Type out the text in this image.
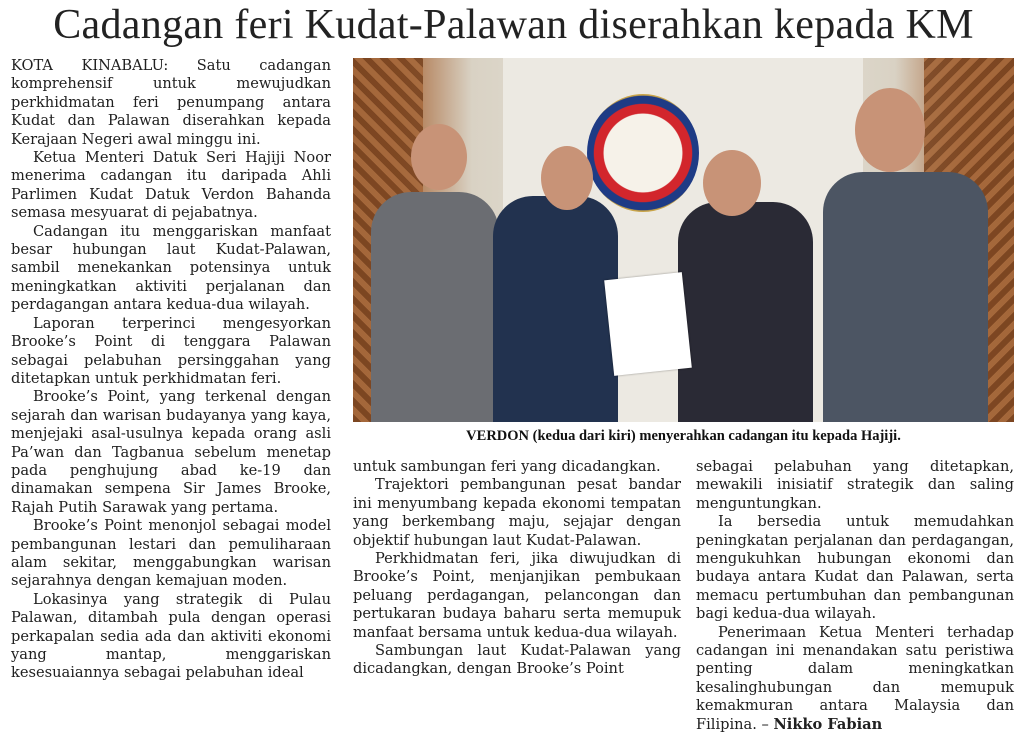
Cadangan feri Kudat-Palawan diserahkan kepada KM

KOTA KINABALU: Satu cadangan komprehensif untuk mewujudkan perkhidmatan feri penumpang antara Kudat dan Palawan diserahkan kepada Kerajaan Negeri awal minggu ini.

Ketua Menteri Datuk Seri Hajiji Noor menerima cadangan itu daripada Ahli Parlimen Kudat Datuk Verdon Bahanda semasa mesyuarat di pejabatnya.

Cadangan itu menggariskan manfaat besar hubungan laut Kudat-Palawan, sambil menekankan potensinya untuk meningkatkan aktiviti perjalanan dan perdagangan antara kedua-dua wilayah.

Laporan terperinci mengesyorkan Brooke’s Point di tenggara Palawan sebagai pelabuhan persinggahan yang ditetapkan untuk perkhidmatan feri.

Brooke’s Point, yang terkenal dengan sejarah dan warisan budayanya yang kaya, menjejaki asal-usulnya kepada orang asli Pa’wan dan Tagbanua sebelum menetap pada penghujung abad ke-19 dan dinamakan sempena Sir James Brooke, Rajah Putih Sarawak yang pertama.

Brooke’s Point menonjol sebagai model pembangunan lestari dan pemuliharaan alam sekitar, menggabungkan warisan sejarahnya dengan kemajuan moden.

Lokasinya yang strategik di Pulau Palawan, ditambah pula dengan operasi perkapalan sedia ada dan aktiviti ekonomi yang mantap, menggariskan kesesuaiannya sebagai pelabuhan ideal

VERDON (kedua dari kiri) menyerahkan cadangan itu kepada Hajiji.

untuk sambungan feri yang dicadangkan.

Trajektori pembangunan pesat bandar ini menyumbang kepada ekonomi tempatan yang berkembang maju, sejajar dengan objektif hubungan laut Kudat-Palawan.

Perkhidmatan feri, jika diwujudkan di Brooke’s Point, menjanjikan pembukaan peluang perdagangan, pelancongan dan pertukaran budaya baharu serta memupuk manfaat bersama untuk kedua-dua wilayah.

Sambungan laut Kudat-Palawan yang dicadangkan, dengan Brooke’s Point

sebagai pelabuhan yang ditetapkan, mewakili inisiatif strategik dan saling menguntungkan.

Ia bersedia untuk memudahkan peningkatan perjalanan dan perdagangan, mengukuhkan hubungan ekonomi dan budaya antara Kudat dan Palawan, serta memacu pertumbuhan dan pembangunan bagi kedua-dua wilayah.

Penerimaan Ketua Menteri terhadap cadangan ini menandakan satu peristiwa penting dalam meningkatkan kesalinghubungan dan memupuk kemakmuran antara Malaysia dan Filipina. – Nikko Fabian
